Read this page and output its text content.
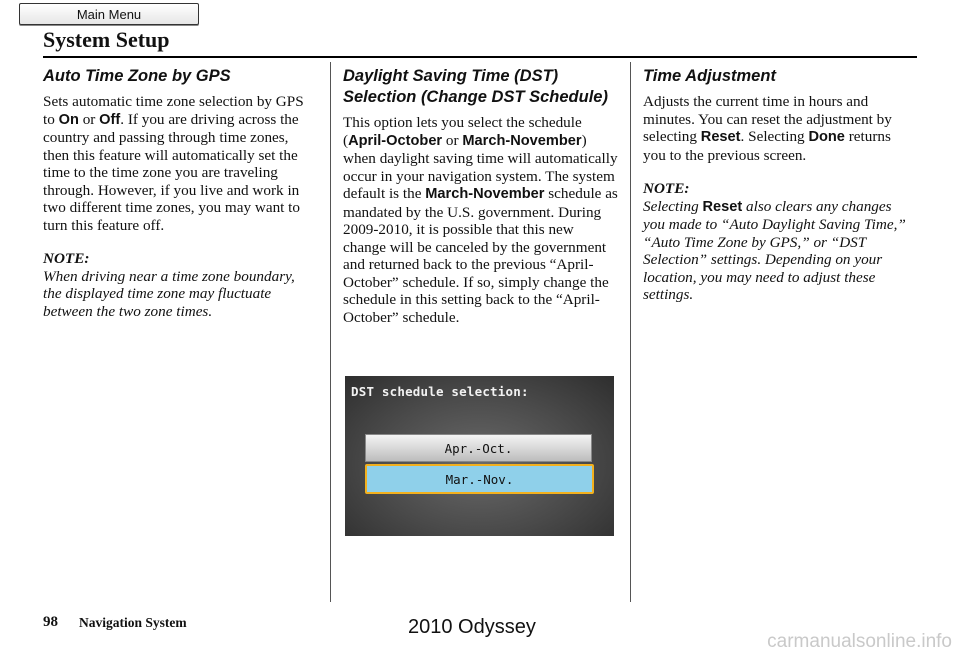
Main Menu
System Setup
Auto Time Zone by GPS

Sets automatic time zone selection by GPS to On or Off. If you are driving across the country and passing through time zones, then this feature will automatically set the time to the time zone you are traveling through. However, if you live and work in two different time zones, you may want to turn this feature off.

NOTE:

When driving near a time zone boundary, the displayed time zone may fluctuate between the two zone times.

Daylight Saving Time (DST) Selection (Change DST Schedule)

This option lets you select the schedule (April-October or March-November) when daylight saving time will automatically occur in your navigation system. The system default is the March-November schedule as mandated by the U.S. government. During 2009-2010, it is possible that this new change will be canceled by the government and returned back to the previous “April-October” schedule. If so, simply change the schedule in this setting back to the “April-October” schedule.

DST schedule selection:
Apr.-Oct.
Mar.-Nov.
Time Adjustment

Adjusts the current time in hours and minutes. You can reset the adjustment by selecting Reset. Selecting Done returns you to the previous screen.

NOTE:

Selecting Reset also clears any changes you made to “Auto Daylight Saving Time,” “Auto Time Zone by GPS,” or “DST Selection” settings. Depending on your location, you may need to adjust these settings.

98 Navigation System	2010 Odyssey
carmanualsonline.info
